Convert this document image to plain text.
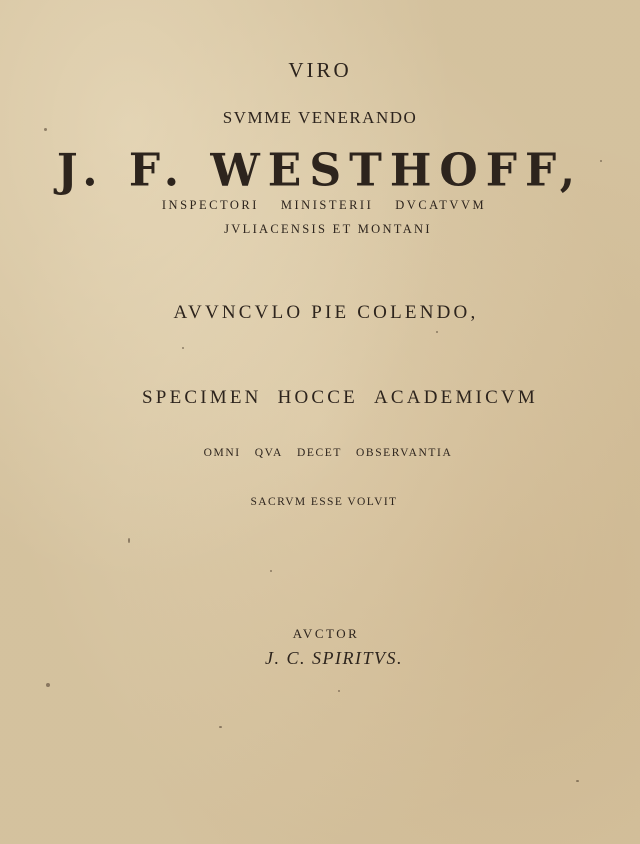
VIRO
SVMME VENERANDO
J. F. WESTHOFF,
INSPECTORI MINISTERII DVCATVVM
JVLIACENSIS ET MONTANI
AVVNCVLO PIE COLENDO,
SPECIMEN HOCCE ACADEMICVM
OMNI QVA DECET OBSERVANTIA
SACRVM ESSE VOLVIT
AVCTOR
J. C. SPIRITVS.
